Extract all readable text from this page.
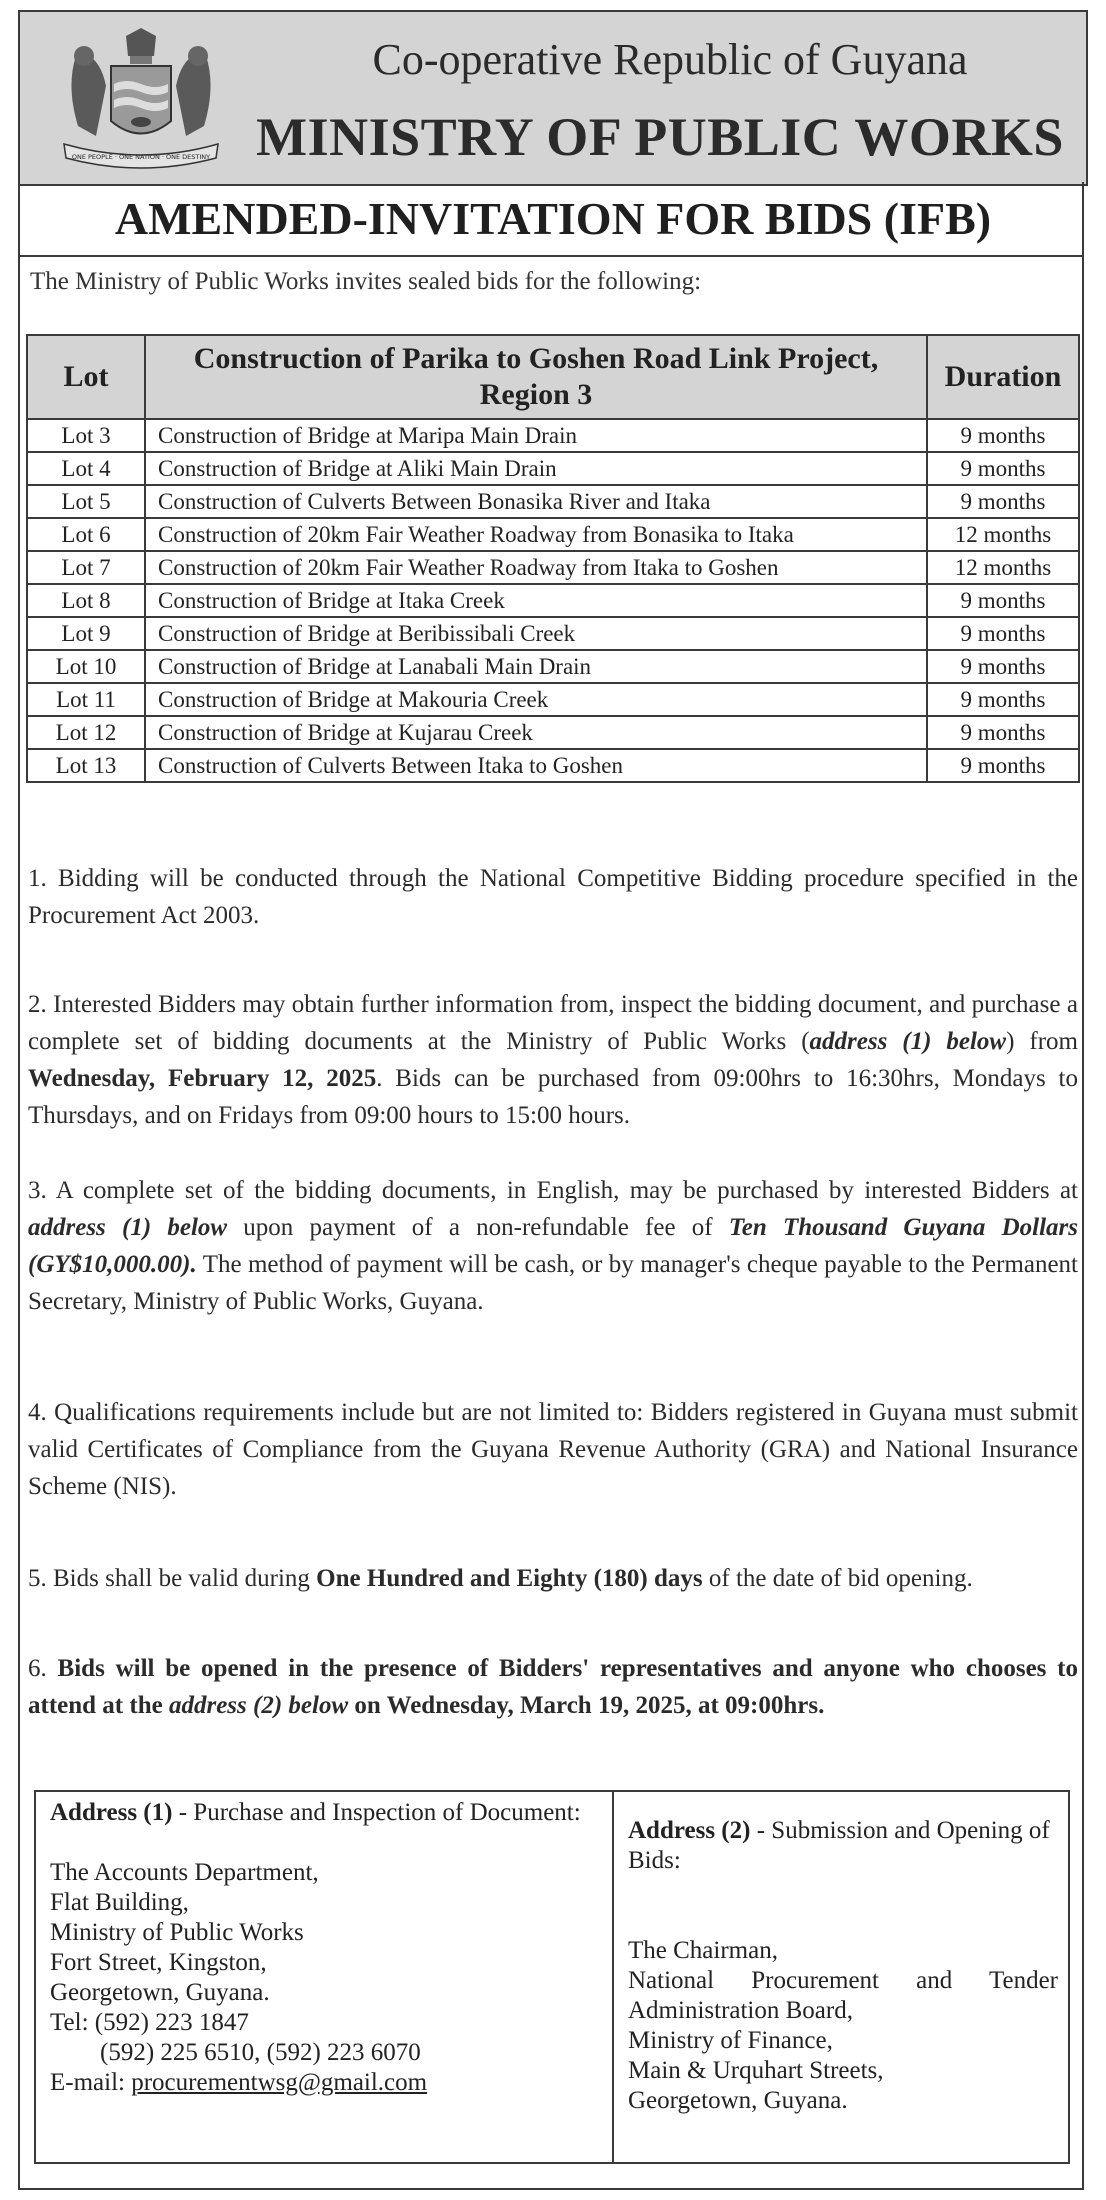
ONE PEOPLE · ONE NATION · ONE DESTINY
Co-operative Republic of Guyana
MINISTRY OF PUBLIC WORKS
AMENDED-INVITATION FOR BIDS (IFB)
The Ministry of Public Works invites sealed bids for the following:
Lot	Construction of Parika to Goshen Road Link Project, Region 3	Duration
Lot 3	Construction of Bridge at Maripa Main Drain	9 months
Lot 4	Construction of Bridge at Aliki Main Drain	9 months
Lot 5	Construction of Culverts Between Bonasika River and Itaka	9 months
Lot 6	Construction of 20km Fair Weather Roadway from Bonasika to Itaka	12 months
Lot 7	Construction of 20km Fair Weather Roadway from Itaka to Goshen	12 months
Lot 8	Construction of Bridge at Itaka Creek	9 months
Lot 9	Construction of Bridge at Beribissibali Creek	9 months
Lot 10	Construction of Bridge at Lanabali Main Drain	9 months
Lot 11	Construction of Bridge at Makouria Creek	9 months
Lot 12	Construction of Bridge at Kujarau Creek	9 months
Lot 13	Construction of Culverts Between Itaka to Goshen	9 months
1. Bidding will be conducted through the National Competitive Bidding procedure specified in the Procurement Act 2003.
2. Interested Bidders may obtain further information from, inspect the bidding document, and purchase a complete set of bidding documents at the Ministry of Public Works (address (1) below) from Wednesday, February 12, 2025. Bids can be purchased from 09:00hrs to 16:30hrs, Mondays to Thursdays, and on Fridays from 09:00 hours to 15:00 hours.
3. A complete set of the bidding documents, in English, may be purchased by interested Bidders at address (1) below upon payment of a non-refundable fee of Ten Thousand Guyana Dollars (GY$10,000.00). The method of payment will be cash, or by manager's cheque payable to the Permanent Secretary, Ministry of Public Works, Guyana.
4. Qualifications requirements include but are not limited to: Bidders registered in Guyana must submit valid Certificates of Compliance from the Guyana Revenue Authority (GRA) and National Insurance Scheme (NIS).
5. Bids shall be valid during One Hundred and Eighty (180) days of the date of bid opening.
6. Bids will be opened in the presence of Bidders' representatives and anyone who chooses to attend at the address (2) below on Wednesday, March 19, 2025, at 09:00hrs.
Address (1) - Purchase and Inspection of Document:
The Accounts Department,
Flat Building,
Ministry of Public Works
Fort Street, Kingston,
Georgetown, Guyana.
Tel: (592) 223 1847
(592) 225 6510, (592) 223 6070
E-mail: procurementwsg@gmail.com
Address (2) - Submission and Opening of Bids:
The Chairman,
National Procurement and Tender
Administration Board,
Ministry of Finance,
Main & Urquhart Streets,
Georgetown, Guyana.
